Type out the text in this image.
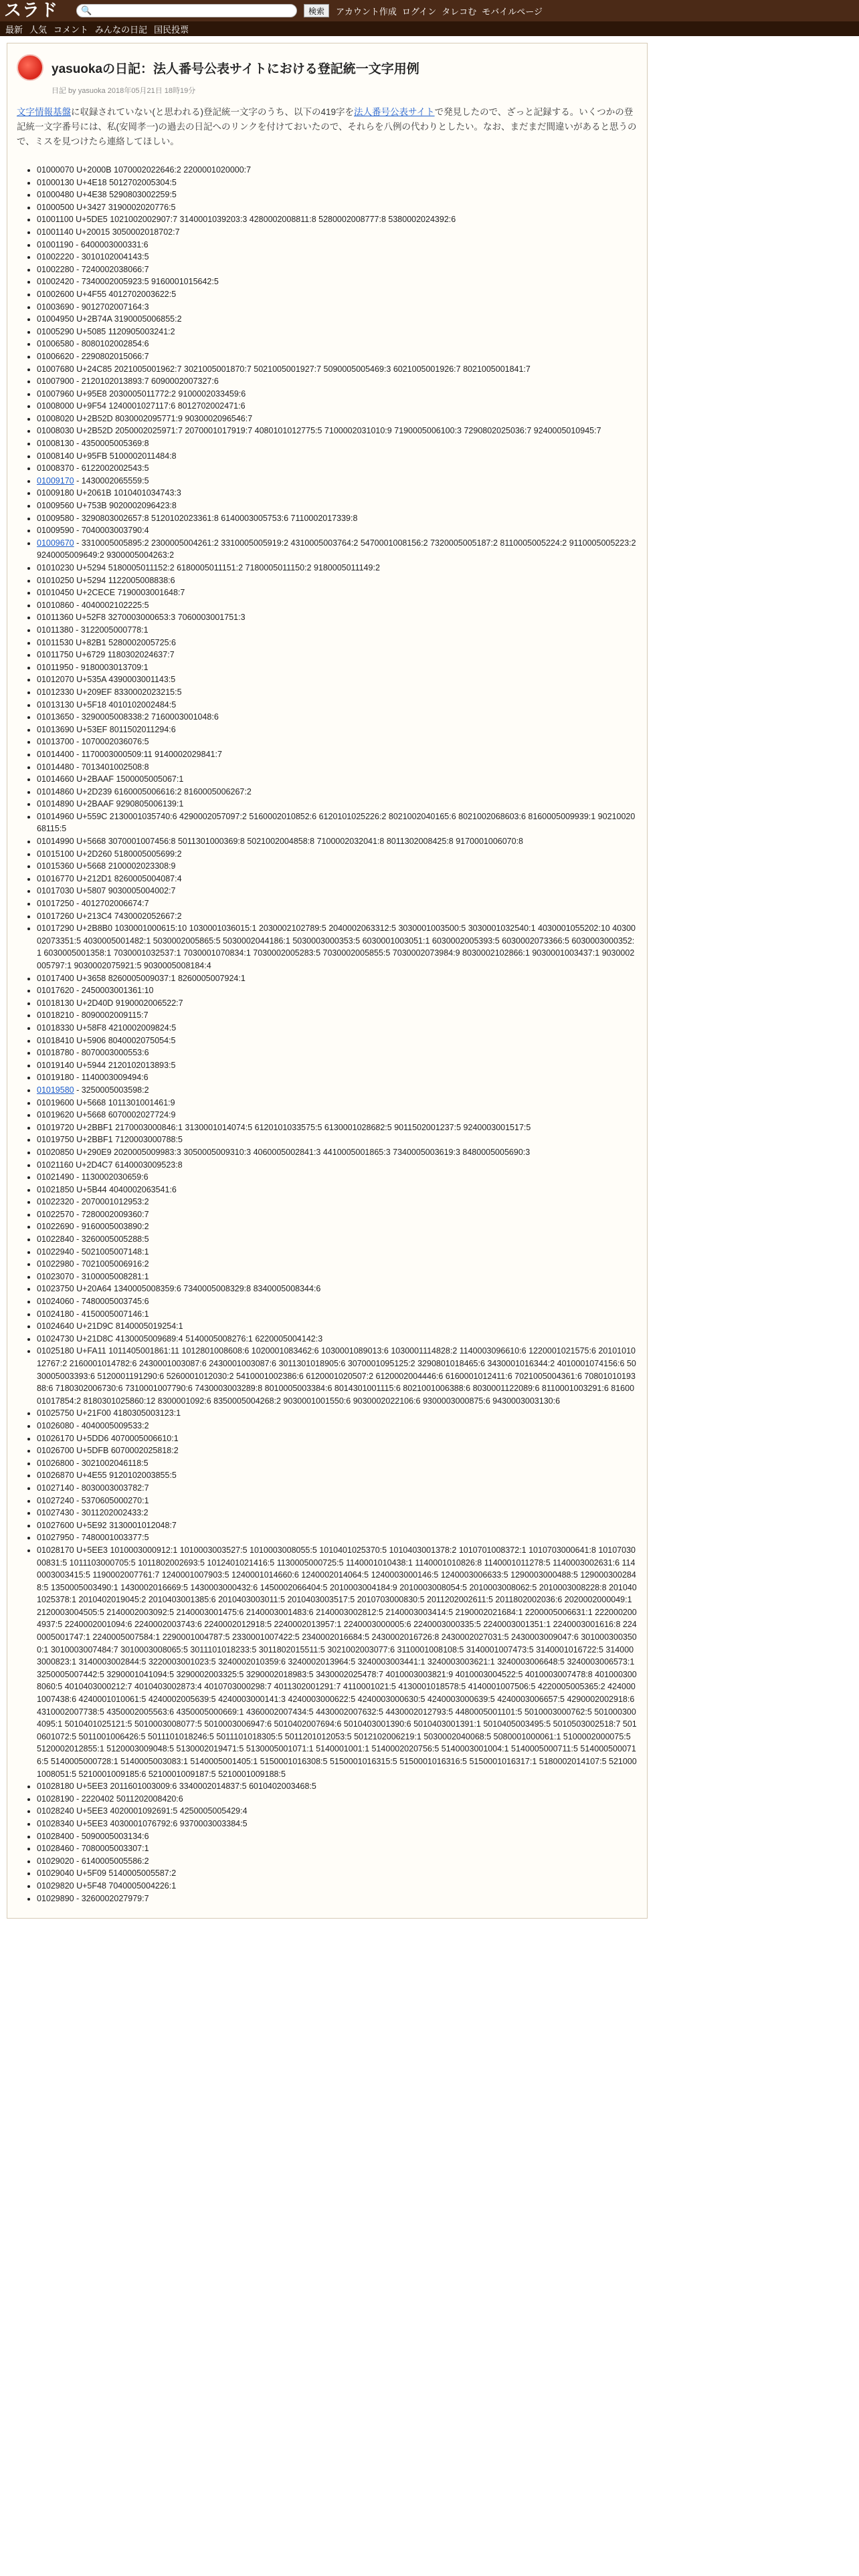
スラド	🔍	検索	アカウント作成 ログイン タレコむ モバイルページ
最新 人気 コメント みんなの日記 国民投票
yasuokaの日記：法人番号公表サイトにおける登記統一文字用例
日記 by yasuoka 2018年05月21日 18時19分
文字情報基盤に収録されていない(と思われる)登記統一文字のうち、以下の419字を法人番号公表サイトで発見したので、ざっと記録する。いくつかの登記統一文字番号には、私(安岡孝一)の過去の日記へのリンクを付けておいたので、それらを八例の代わりとしたい。なお、まだまだ間違いがあると思うので、ミスを見つけたら連絡してほしい。
• 01000070 U+2000B 1070002022646:2 2200001020000:7
• 01000130 U+4E18 5012702005304:5
• 01000480 U+4E38 5290803002259:5
• 01000500 U+3427 3190002020776:5
• 01001100 U+5DE5 1021002002907:7 3140001039203:3 4280002008811:8 5280002008777:8 5380002024392:6
• 01001140 U+20015 3050002018702:7
• 01001190 - 6400003000331:6
• 01002220 - 3010102004143:5
• 01002280 - 7240002038066:7
• 01002420 - 7340002005923:5 9160001015642:5
• 01002600 U+4F55 4012702003622:5
• 01003690 - 9012702007164:3
• 01004950 U+2B74A 3190005006855:2
• 01005290 U+5085 1120905003241:2
• 01006580 - 8080102002854:6
• 01006620 - 2290802015066:7
• 01007680 U+24C85 2021005001962:7 3021005001870:7 5021005001927:7 5090005005469:3 6021005001926:7 8021005001841:7
• 01007900 - 2120102013893:7 6090002007327:6
• 01007960 U+95E8 2030005011772:2 9100002033459:6
• 01008000 U+9F54 1240001027117:6 8012702002471:6
• 01008020 U+2B52D 8030002095771:9 9030002096546:7
• 01008030 U+2B52D 2050002025971:7 2070001017919:7 4080101012775:5 7100002031010:9 7190005006100:3 7290802025036:7 9240005010945:7
• 01008130 - 4350005005369:8
• 01008140 U+95FB 5100002011484:8
• 01008370 - 6122002002543:5
• 01009170 - 1430002065559:5
• 01009180 U+2061B 1010401034743:3
• 01009560 U+753B 9020002096423:8
• 01009580 - 3290803002657:8 5120102023361:8 6140003005753:6 7110002017339:8
• 01009590 - 7040003003790:4
• 01009670 - 3310005005895:2 2300005004261:2 3310005005919:2 4310005003764:2 5470001008156:2 7320005005187:2 8110005005224:2 9110005005223:2 9240005009649:2 9300005004263:2
• 01010230 U+5294 5180005011152:2 6180005011151:2 7180005011150:2 9180005011149:2
• 01010250 U+5294 1122005008838:6
• 01010450 U+2CECE 7190003001648:7
• 01010860 - 4040002102225:5
• 01011360 U+52F8 3270003000653:3 7060003001751:3
• 01011380 - 3122005000778:1
• 01011530 U+82B1 5280002005725:6
• 01011750 U+6729 1180302024637:7
• 01011950 - 9180003013709:1
• 01012070 U+535A 4390003001143:5
• 01012330 U+209EF 8330002023215:5
• 01013130 U+5F18 4010102002484:5
• 01013650 - 3290005008338:2 7160003001048:6
• 01013690 U+53EF 8011502011294:6
• 01013700 - 1070002036076:5
• 01014400 - 1170003000509:11 9140002029841:7
• 01014480 - 7013401002508:8
• 01014660 U+2BAAF 1500005005067:1
• 01014860 U+2D239 6160005006616:2 8160005006267:2
• 01014890 U+2BAAF 9290805006139:1
• 01014960 U+559C 2130001035740:6 4290002057097:2 5160002010852:6 6120101025226:2 8021002040165:6 8021002068603:6 8160005009939:1 9021002068115:5
• 01014990 U+5668 3070001007456:8 5011301000369:8 5021002004858:8 7100002032041:8 8011302008425:8 9170001006070:8
• 01015100 U+2D260 5180005005699:2
• 01015360 U+5668 2100002023308:9
• 01016770 U+212D1 8260005004087:4
• 01017030 U+5807 9030005004002:7
• 01017250 - 4012702006674:7
• 01017260 U+213C4 7430002052667:2
• 01017290 U+2B8B0 1030001000615:10 1030001036015:1 2030002102789:5 2040002063312:5 3030001003500:5 3030001032540:1 4030001055202:10 4030002073351:5 4030005001482:1 5030002005865:5 5030002044186:1 5030003000353:5 6030001003051:1 6030002005393:5 6030002073366:5 6030003000352:1 6030005001358:1 7030001032537:1 7030001070834:1 7030002005283:5 7030002005855:5 7030002073984:9 8030002102866:1 9030001003437:1 9030002005797:1 9030002075921:5 9030005008184:4
• 01017400 U+3658 8260005009037:1 8260005007924:1
• 01017620 - 2450003001361:10
• 01018130 U+2D40D 9190002006522:7
• 01018210 - 8090002009115:7
• 01018330 U+58F8 4210002009824:5
• 01018410 U+5906 8040002075054:5
• 01018780 - 8070003000553:6
• 01019140 U+5944 2120102013893:5
• 01019180 - 1140003009494:6
• 01019580 - 3250005003598:2
• 01019600 U+5668 1011301001461:9
• 01019620 U+5668 6070002027724:9
• 01019720 U+2BBF1 2170003000846:1 3130001014074:5 6120101033575:5 6130001028682:5 9011502001237:5 9240003001517:5
• 01019750 U+2BBF1 7120003000788:5
• 01020850 U+290E9 2020005009983:3 3050005009310:3 4060005002841:3 4410005001865:3 7340005003619:3 8480005005690:3
• 01021160 U+2D4C7 6140003009523:8
• 01021490 - 1130002030659:6
• 01021850 U+5B44 4040002063541:6
• 01022320 - 2070001012953:2
• 01022570 - 7280002009360:7
• 01022690 - 9160005003890:2
• 01022840 - 3260005005288:5
• 01022940 - 5021005007148:1
• 01022980 - 7021005006916:2
• 01023070 - 3100005008281:1
• 01023750 U+20A64 1340005008359:6 7340005008329:8 8340005008344:6
• 01024060 - 7480005003745:6
• 01024180 - 4150005007146:1
• 01024640 U+21D9C 8140005019254:1
• 01024730 U+21D8C 4130005009689:4 5140005008276:1 6220005004142:3
• 01025180 U+FA11 1011405001861:11 1012801008608:6 1020001083462:6 1030001089013:6 1030001114828:2 1140003096610:6 1220001021575:6 2010101012767:2 2160001014782:6 2430001003087:6 2430001003087:6 3011301018905:6 3070001095125:2 3290801018465:6 3430001016344:2 4010001074156:6 5030005003393:6 5120001191290:6 5260001012030:2 5410001002386:6 6120001020507:2 6120002004446:6 6160001012411:6 7021005004361:6 7080101019388:6 7180302006730:6 7310001007790:6 7430003003289:8 8010005003384:6 8014301001115:6 8021001006388:6 8030001122089:6 8110001003291:6 8160001017854:2 8180301025860:12 8300001092:6 8350005004268:2 9030001001550:6 9030002022106:6 9300003000875:6 9430003003130:6
• 01025750 U+21F00 4180305003123:1
• 01026080 - 4040005009533:2
• 01026170 U+5DD6 4070005006610:1
• 01026700 U+5DFB 6070002025818:2
• 01026800 - 3021002046118:5
• 01026870 U+4E55 9120102003855:5
• 01027140 - 8030003003782:7
• 01027240 - 5370605000270:1
• 01027430 - 3011202002433:2
• 01027600 U+5E92 3130001012048:7
• 01027950 - 7480001003377:5
• 01028170 U+5EE3 1010003000912:1 1010003003527:5 1010003008055:5 1010401025370:5 1010403001378:2 1010701008372:1 1010703000641:8 1010703000831:5 1011103000705:5 1011802002693:5 1012401021416:5 1130005000725:5 1140001010438:1 1140001010826:8 1140001011278:5 1140003002631:6 1140003003415:5 1190002007761:7 1240001007903:5 1240001014660:6 1240002014064:5 1240003000146:5 1240003006633:5 1290003000488:5 1290003002848:5 1350005003490:1 1430002016669:5 1430003000432:6 1450002066404:5 2010003004184:9 2010003008054:5 2010003008062:5 2010003008228:8 2010401025378:1 2010402019045:2 2010403001385:6 2010403003011:5 2010403003517:5 2010703000830:5 2011202002611:5 2011802002036:6 2020002000049:1 2120003004505:5 2140002003092:5 2140003001475:6 2140003001483:6 2140003002812:5 2140003003414:5 2190002021684:1 2200005006631:1 2220002004937:5 2240002001094:6 2240002003743:6 2240002012918:5 2240002013957:1 2240003000005:6 2240003000335:5 2240003001351:1 2240003001616:8 2240005001747:1 2240005007584:1 2290001004787:5 2330001007422:5 2340002016684:5 2430002016726:8 2430002027031:5 2430003009047:6 3010003003500:1 3010003007484:7 3010003008065:5 3011101018233:5 3011802015511:5 3021002003077:6 3110001008108:5 3140001007473:5 3140001016722:5 3140003000823:1 3140003002844:5 3220003001023:5 3240002010359:6 3240002013964:5 3240003003441:1 3240003003621:1 3240003006648:5 3240003006573:1 3250005007442:5 3290001041094:5 3290002003325:5 3290002018983:5 3430002025478:7 4010003003821:9 4010003004522:5 4010003007478:8 4010003008060:5 4010403000212:7 4010403002873:4 4010703000298:7 4011302001291:7 4110001021:5 4130001018578:5 4140001007506:5 4220005005365:2 4240001007438:6 4240001010061:5 4240002005639:5 4240003000141:3 4240003000622:5 4240003000630:5 4240003000639:5 4240003006657:5 4290002002918:6 4310002007738:5 4350002005563:6 4350005000669:1 4360002007434:5 4430002007632:5 4430002012793:5 4480005001101:5 5010003000762:5 5010003004095:1 5010401025121:5 5010003008077:5 5010003006947:6 5010402007694:6 5010403001390:6 5010403001391:1 5010405003495:5 5010503002518:7 5010601072:5 5011001006426:5 5011101018246:5 5011101018305:5 5011201012053:5 5012102006219:1 5030002040068:5 5080001000061:1 5100002000075:5 5120002012855:1 5120003009048:5 5130002019471:5 5130005001071:1 5140001001:1 5140002020756:5 5140003001004:1 5140005000711:5 5140005000716:5 5140005000728:1 5140005003083:1 5140005001405:1 5150001016308:5 5150001016315:5 5150001016316:5 5150001016317:1 5180002014107:5 5210001008051:5 5210001009185:6 5210001009187:5 5210001009188:5
• 01028180 U+5EE3 2011601003009:6 3340002014837:5 6010402003468:5
• 01028190 - 2220402 5011202008420:6
• 01028240 U+5EE3 4020001092691:5 4250005005429:4
• 01028340 U+5EE3 4030001076792:6 9370003003384:5
• 01028400 - 5090005003134:6
• 01028460 - 7080005003307:1
• 01029020 - 6140005005586:2
• 01029040 U+5F09 5140005005587:2
• 01029820 U+5F48 7040005004226:1
• 01029890 - 3260002027979:7
